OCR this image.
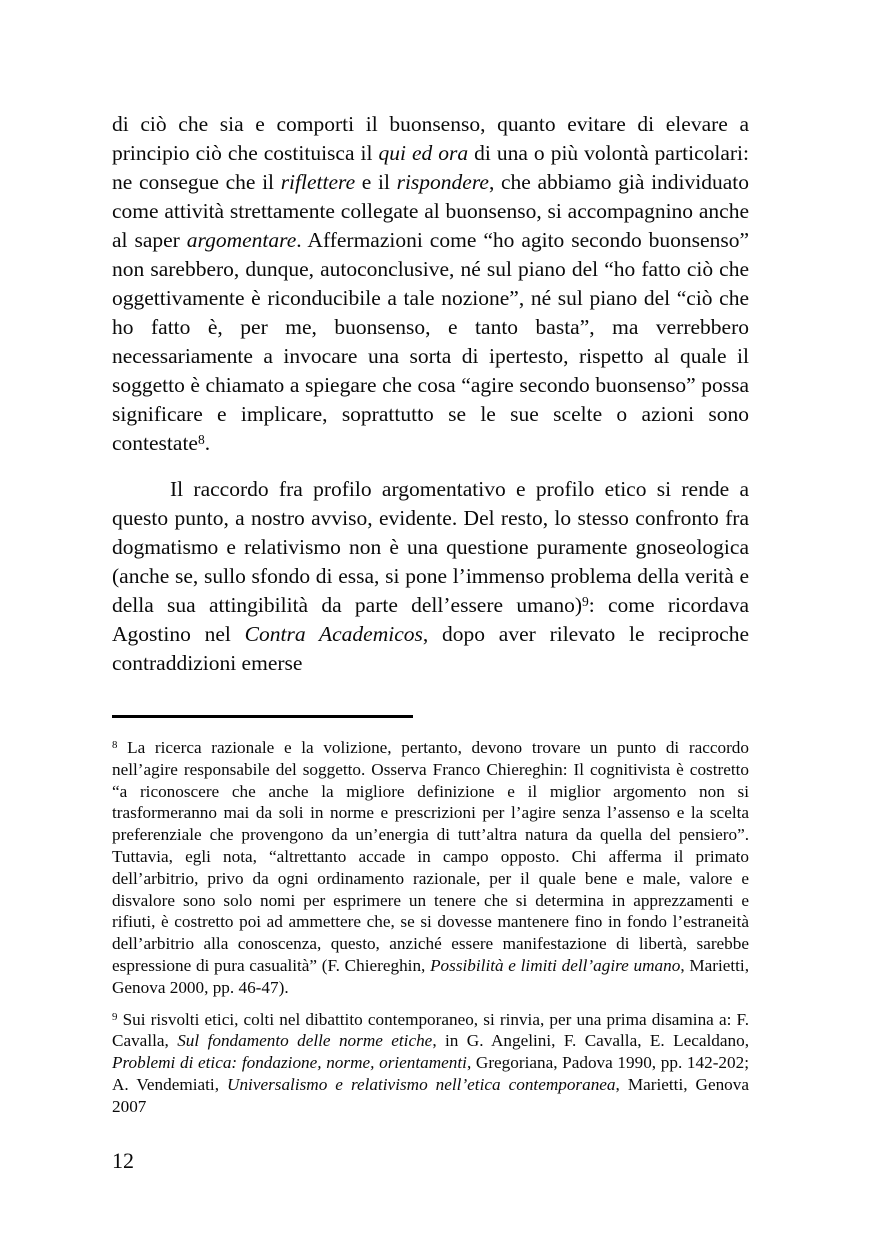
di ciò che sia e comporti il buonsenso, quanto evitare di elevare a principio ciò che costituisca il qui ed ora di una o più volontà particolari: ne consegue che il riflettere e il rispondere, che abbiamo già individuato come attività strettamente collegate al buonsenso, si accompagnino anche al saper argomentare. Affermazioni come “ho agito secondo buonsenso” non sarebbero, dunque, autoconclusive, né sul piano del “ho fatto ciò che oggettivamente è riconducibile a tale nozione”, né sul piano del “ciò che ho fatto è, per me, buonsenso, e tanto basta”, ma verrebbero necessariamente a invocare una sorta di ipertesto, rispetto al quale il soggetto è chiamato a spiegare che cosa “agire secondo buonsenso” possa significare e implicare, soprattutto se le sue scelte o azioni sono contestate$^8$.

Il raccordo fra profilo argomentativo e profilo etico si rende a questo punto, a nostro avviso, evidente. Del resto, lo stesso confronto fra dogmatismo e relativismo non è una questione puramente gnoseologica (anche se, sullo sfondo di essa, si pone l’immenso problema della verità e della sua attingibilità da parte dell’essere umano)$^9$: come ricordava Agostino nel Contra Academicos, dopo aver rilevato le reciproche contraddizioni emerse

$^8$ La ricerca razionale e la volizione, pertanto, devono trovare un punto di raccordo nell’agire responsabile del soggetto. Osserva Franco Chiereghin: Il cognitivista è costretto “a riconoscere che anche la migliore definizione e il miglior argomento non si trasformeranno mai da soli in norme e prescrizioni per l’agire senza l’assenso e la scelta preferenziale che provengono da un’energia di tutt’altra natura da quella del pensiero”. Tuttavia, egli nota, “altrettanto accade in campo opposto. Chi afferma il primato dell’arbitrio, privo da ogni ordinamento razionale, per il quale bene e male, valore e disvalore sono solo nomi per esprimere un tenere che si determina in apprezzamenti e rifiuti, è costretto poi ad ammettere che, se si dovesse mantenere fino in fondo l’estraneità dell’arbitrio alla conoscenza, questo, anziché essere manifestazione di libertà, sarebbe espressione di pura casualità” (F. Chiereghin, Possibilità e limiti dell’agire umano, Marietti, Genova 2000, pp. 46-47).

$^9$ Sui risvolti etici, colti nel dibattito contemporaneo, si rinvia, per una prima disamina a: F. Cavalla, Sul fondamento delle norme etiche, in G. Angelini, F. Cavalla, E. Lecaldano, Problemi di etica: fondazione, norme, orientamenti, Gregoriana, Padova 1990, pp. 142-202; A. Vendemiati, Universalismo e relativismo nell’etica contemporanea, Marietti, Genova 2007

12
